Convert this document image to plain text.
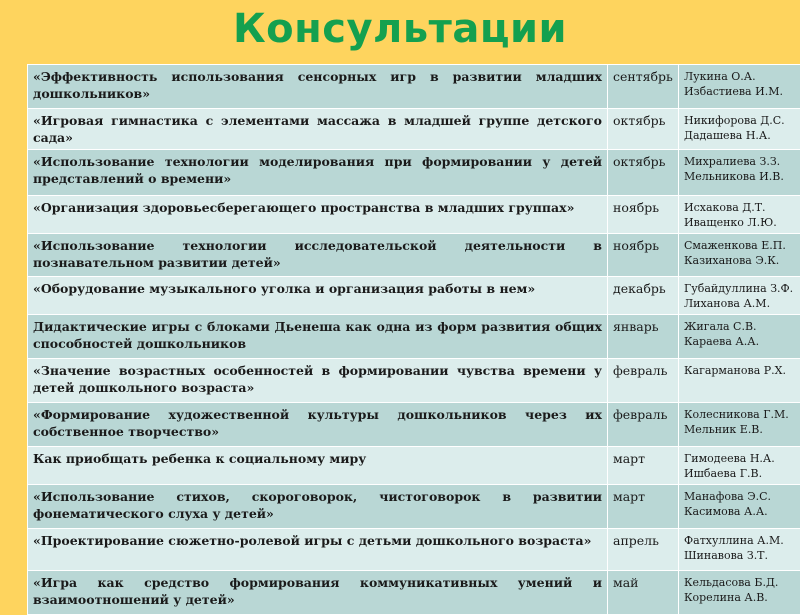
Консультации
«Эффективность использования сенсорных игр в развитии младших дошкольников»	сентябрь	Лукина О.А.
Избастиева И.М.

«Игровая гимнастика с элементами массажа в младшей группе детского сада»	октябрь	Никифорова Д.С.
Дадашева Н.А.

«Использование технологии моделирования при формировании у детей представлений о времени»	октябрь	Михралиева З.З.
Мельникова И.В.

«Организация здоровьесберегающего пространства в младших группах»	ноябрь	Исхакова Д.Т.
Иващенко Л.Ю.

«Использование технологии исследовательской деятельности в познавательном развитии детей»	ноябрь	Смаженкова Е.П.
Казиханова Э.К.

«Оборудование музыкального уголка и организация работы в нем»	декабрь	Губайдуллина З.Ф.
Лиханова А.М.

Дидактические игры с блоками Дьенеша как одна из форм развития общих способностей дошкольников	январь	Жигала С.В.
Караева А.А.

«Значение возрастных особенностей в формировании чувства времени у детей дошкольного возраста»	февраль	Кагарманова Р.Х.

«Формирование художественной культуры дошкольников через их собственное творчество»	февраль	Колесникова Г.М.
Мельник Е.В.

Как приобщать ребенка к социальному миру	март	Гимодеева Н.А.
Ишбаева Г.В.

«Использование стихов, скороговорок, чистоговорок в развитии фонематического слуха у детей»	март	Манафова Э.С.
Касимова А.А.

«Проектирование сюжетно-ролевой игры с детьми дошкольного возраста»	апрель	Фатхуллина А.М.
Шинавова З.Т.

«Игра как средство формирования коммуникативных умений и взаимоотношений у детей»	май	Кельдасова Б.Д.
Корелина А.В.
